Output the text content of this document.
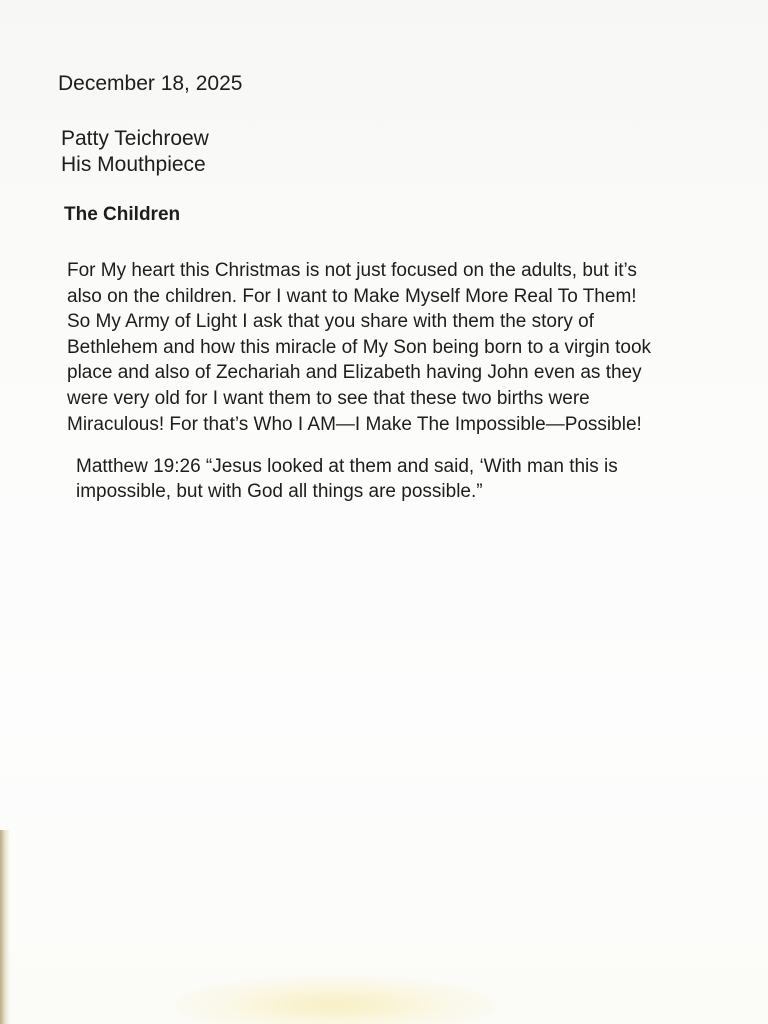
December 18, 2025
Patty Teichroew
His Mouthpiece
The Children
For My heart this Christmas is not just focused on the adults, but it’s
also on the children. For I want to Make Myself More Real To Them!
So My Army of Light I ask that you share with them the story of
Bethlehem and how this miracle of My Son being born to a virgin took
place and also of Zechariah and Elizabeth having John even as they
were very old for I want them to see that these two births were
Miraculous! For that’s Who I AM—I Make The Impossible—Possible!
Matthew 19:26 “Jesus looked at them and said, ‘With man this is
impossible, but with God all things are possible.”
